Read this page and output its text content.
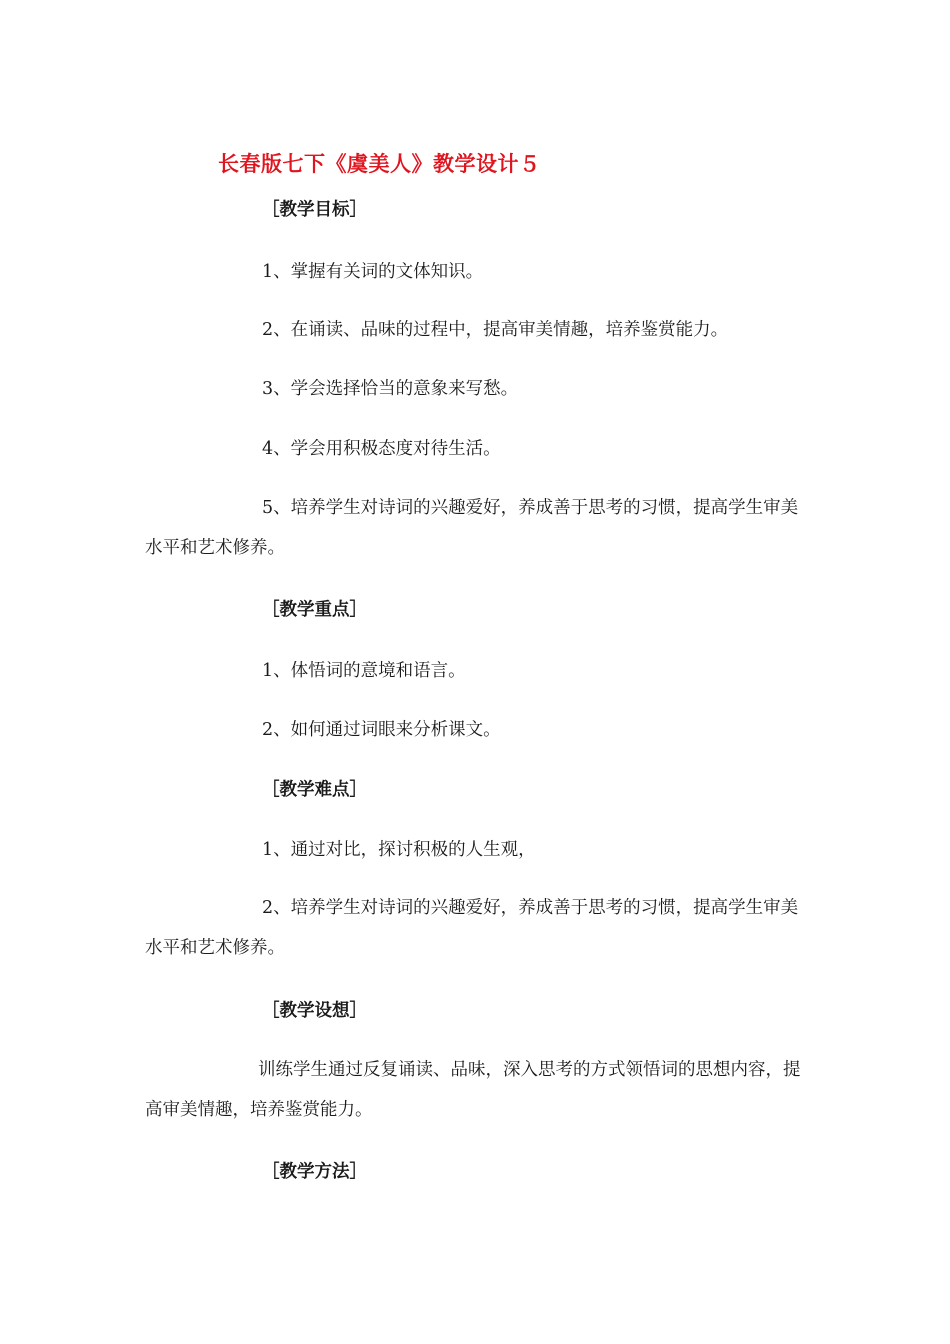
长春版七下《虞美人》教学设计５
［教学目标］
1、掌握有关词的文体知识。
2、在诵读、品味的过程中，提高审美情趣，培养鉴赏能力。
3、学会选择恰当的意象来写愁。
4、学会用积极态度对待生活。
5、培养学生对诗词的兴趣爱好，养成善于思考的习惯，提高学生审美水平和艺术修养。
［教学重点］
1、体悟词的意境和语言。
2、如何通过词眼来分析课文。
［教学难点］
1、通过对比，探讨积极的人生观，
2、培养学生对诗词的兴趣爱好，养成善于思考的习惯，提高学生审美水平和艺术修养。
［教学设想］
训练学生通过反复诵读、品味，深入思考的方式领悟词的思想内容，提高审美情趣，培养鉴赏能力。
［教学方法］
